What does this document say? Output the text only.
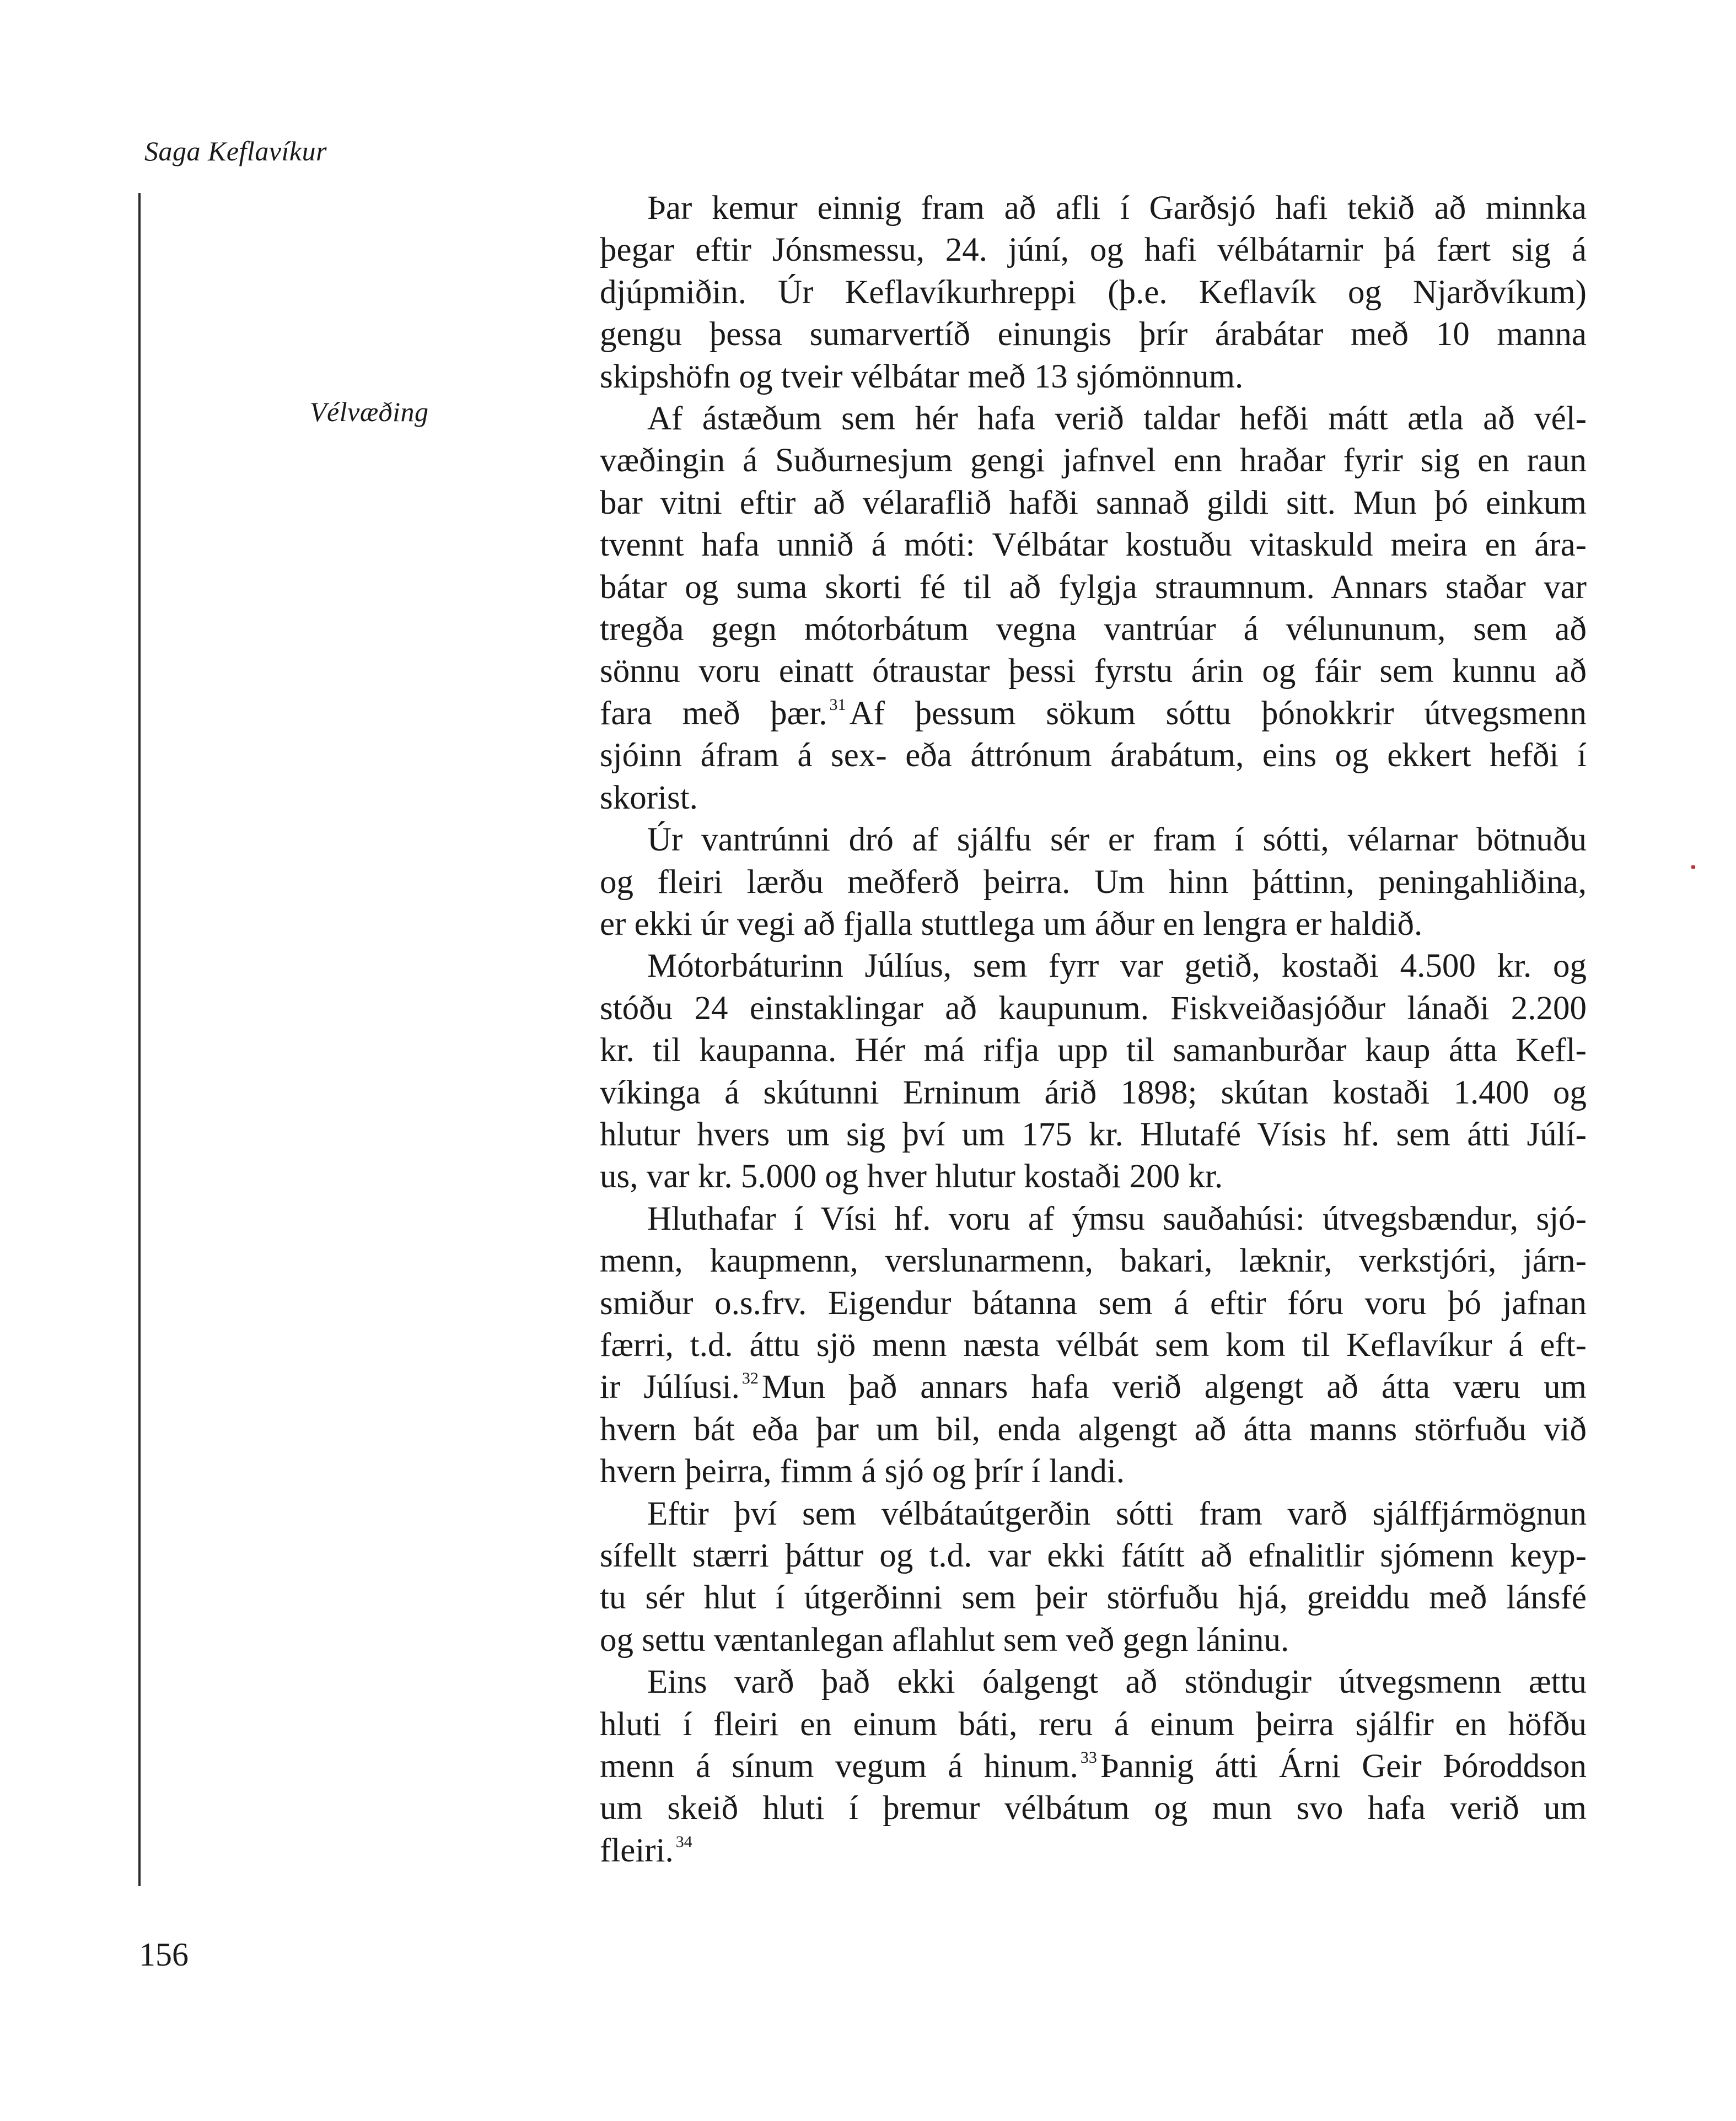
Saga Keflavíkur
Vélvæðing

Þar kemur einnig fram að afli í Garðsjó hafi tekið að minnka
þegar eftir Jónsmessu, 24. júní, og hafi vélbátarnir þá fært sig á
djúpmiðin. Úr Keflavíkurhreppi (þ.e. Keflavík og Njarðvíkum)
gengu þessa sumarvertíð einungis þrír árabátar með 10 manna
skipshöfn og tveir vélbátar með 13 sjómönnum.

Af ástæðum sem hér hafa verið taldar hefði mátt ætla að vél-
væðingin á Suðurnesjum gengi jafnvel enn hraðar fyrir sig en raun
bar vitni eftir að vélaraflið hafði sannað gildi sitt. Mun þó einkum
tvennt hafa unnið á móti: Vélbátar kostuðu vitaskuld meira en ára-
bátar og suma skorti fé til að fylgja straumnum. Annars staðar var
tregða gegn mótorbátum vegna vantrúar á vélununum, sem að
sönnu voru einatt ótraustar þessi fyrstu árin og fáir sem kunnu að
fara með þær. $^{31}$Af þessum sökum sóttu þónokkrir útvegsmenn
sjóinn áfram á sex- eða áttrónum árabátum, eins og ekkert hefði í
skorist.

Úr vantrúnni dró af sjálfu sér er fram í sótti, vélarnar bötnuðu
og fleiri lærðu meðferð þeirra. Um hinn þáttinn, peningahliðina,
er ekki úr vegi að fjalla stuttlega um áður en lengra er haldið.

Mótorbáturinn Júlíus, sem fyrr var getið, kostaði 4.500 kr. og
stóðu 24 einstaklingar að kaupunum. Fiskveiðasjóður lánaði 2.200
kr. til kaupanna. Hér má rifja upp til samanburðar kaup átta Kefl-
víkinga á skútunni Erninum árið 1898; skútan kostaði 1.400 og
hlutur hvers um sig því um 175 kr. Hlutafé Vísis hf. sem átti Júlí-
us, var kr. 5.000 og hver hlutur kostaði 200 kr.

Hluthafar í Vísi hf. voru af ýmsu sauðahúsi: útvegsbændur, sjó-
menn, kaupmenn, verslunarmenn, bakari, læknir, verkstjóri, járn-
smiður o.s.frv. Eigendur bátanna sem á eftir fóru voru þó jafnan
færri, t.d. áttu sjö menn næsta vélbát sem kom til Keflavíkur á eft-
ir Júlíusi. $^{32}$Mun það annars hafa verið algengt að átta væru um
hvern bát eða þar um bil, enda algengt að átta manns störfuðu við
hvern þeirra, fimm á sjó og þrír í landi.

Eftir því sem vélbátaútgerðin sótti fram varð sjálffjármögnun
sífellt stærri þáttur og t.d. var ekki fátítt að efnalitlir sjómenn keyp-
tu sér hlut í útgerðinni sem þeir störfuðu hjá, greiddu með lánsfé
og settu væntanlegan aflahlut sem veð gegn láninu.

Eins varð það ekki óalgengt að stöndugir útvegsmenn ættu
hluti í fleiri en einum báti, reru á einum þeirra sjálfir en höfðu
menn á sínum vegum á hinum. $^{33}$Þannig átti Árni Geir Þóroddson
um skeið hluti í þremur vélbátum og mun svo hafa verið um
fleiri. $^{34}$

156
